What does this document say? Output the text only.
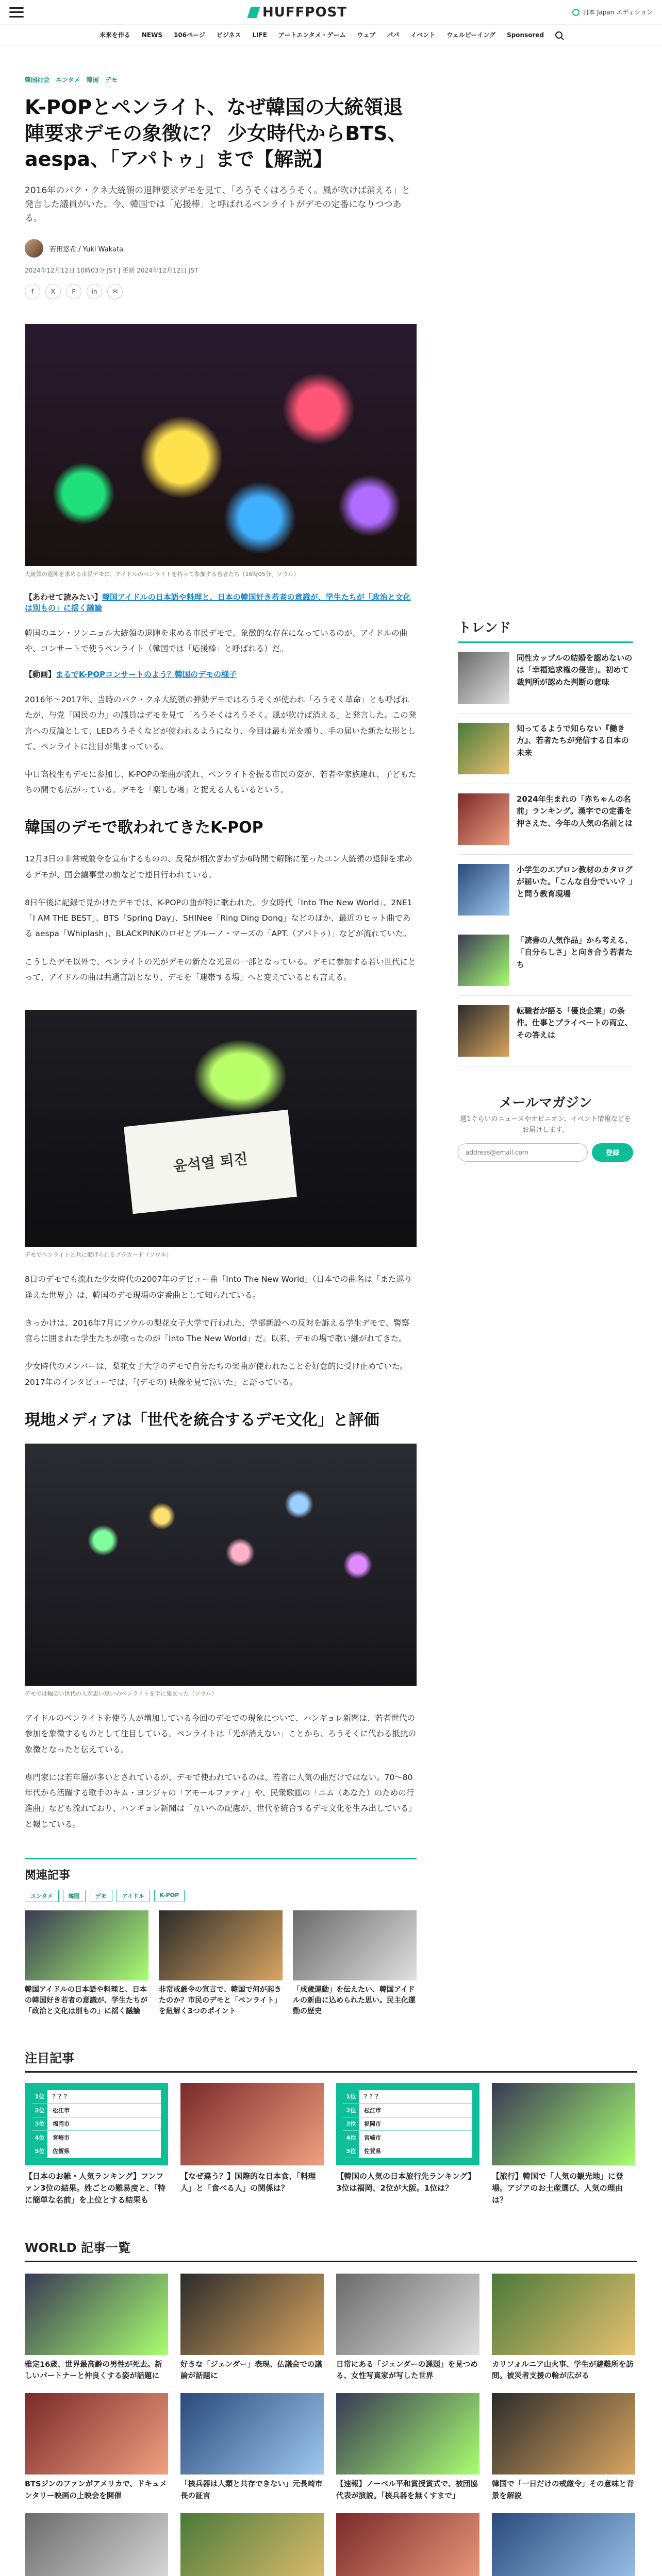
HUFFPOST	日本 Japan エディション
未来を作る NEWS 106ページ ビジネス LIFE アートエンタメ・ゲーム ウェブ パパ イベント ウェルビーイング Sponsored
韓国社会 エンタメ 韓国 デモ
K-POPとペンライト、なぜ韓国の大統領退陣要求デモの象徴に？ 少女時代からBTS、aespa、「アパトゥ」まで【解説】

2016年のパク・クネ大統領の退陣要求デモを見て、「ろうそくはろうそく。風が吹けば消える」と発言した議員がいた。今、韓国では「応援棒」と呼ばれるペンライトがデモの定番になりつつある。

若田悠希 / Yuki Wakata
2024年12月12日 10時03分 JST | 更新 2024年12月12日 JST
f	X	P	in	✉

大統領の退陣を求める市民デモに、アイドルのペンライトを持って参加する若者たち（16時05分、ソウル）

【あわせて読みたい】韓国アイドルの日本語や料理と、日本の韓国好き若者の意識が、学生たちが「政治と文化は別もの」に揺く議論

韓国のユン・ソンニョル大統領の退陣を求める市民デモで、象徴的な存在になっているのが、アイドルの曲や、コンサートで使うペンライト（韓国では「応援棒」と呼ばれる）だ。

【動画】まるでK-POPコンサートのよう？韓国のデモの様子

2016年〜2017年、当時のパク・クネ大統領の弾劾デモではろうそくが使われ「ろうそく革命」とも呼ばれたが、与党「国民の力」の議員はデモを見て「ろうそくはろうそく。風が吹けば消える」と発言した。この発言への反論として、LEDろうそくなどが使われるようになり、今回は最も光を頼り、手の届いた新たな形として、ペンライトに注目が集まっている。

中日高校生もデモに参加し、K-POPの楽曲が流れ、ペンライトを振る市民の姿が、若者や家族連れ、子どもたちの間でも広がっている。デモを「楽しむ場」と捉える人もいるという。

韓国のデモで歌われてきたK-POP

12月3日の非常戒厳令を宣布するものの、反発が相次ぎわずか6時間で解除に至ったユン大統領の退陣を求めるデモが、国会議事堂の前などで連日行われている。

8日午後に記録で見かけたデモでは、K-POPの曲が特に歌われた。少女時代「Into The New World」、2NE1「I AM THE BEST」、BTS「Spring Day」、SHINee「Ring Ding Dong」などのほか、最近のヒット曲である aespa「Whiplash」、BLACKPINKのロゼとブルーノ・マーズの「APT.（アパトゥ）」などが流れていた。

こうしたデモ以外で、ペンライトの光がデモの新たな光景の一部となっている。デモに参加する若い世代にとって、アイドルの曲は共通言語となり、デモを「連帯する場」へと変えているとも言える。

윤석열 퇴진

デモでペンライトと共に掲げられるプラカード（ソウル）

8日のデモでも流れた少女時代の2007年のデビュー曲「Into The New World」（日本での曲名は「また巡り逢えた世界」）は、韓国のデモ現場の定番曲として知られている。

きっかけは、2016年7月にソウルの梨花女子大学で行われた、学部新設への反対を訴える学生デモで、警察官らに囲まれた学生たちが歌ったのが「Into The New World」だ。以来、デモの場で歌い継がれてきた。

少女時代のメンバーは、梨花女子大学のデモで自分たちの楽曲が使われたことを好意的に受け止めていた。2017年のインタビューでは、「(デモの) 映像を見て泣いた」と語っている。

現地メディアは「世代を統合するデモ文化」と評価

デモでは幅広い世代の人が思い思いのペンライトを手に集まった（ソウル）

アイドルのペンライトを使う人が増加している今回のデモでの現象について、ハンギョレ新聞は、若者世代の参加を象徴するものとして注目している。ペンライトは「光が消えない」ことから、ろうそくに代わる抵抗の象徴となったと伝えている。

専門家には若年層が多いとされているが、デモで使われているのは、若者に人気の曲だけではない。70〜80年代から活躍する歌手のキム・ヨンジャの「アモールファティ」や、民衆歌謡の「ニム（あなた）のための行進曲」なども流れており、ハンギョレ新聞は「互いへの配慮が、世代を統合するデモ文化を生み出している」と報じている。

関連記事
エンタメ	韓国	デモ	アイドル	K-POP
韓国アイドルの日本語や料理と、日本の韓国好き若者の意識が、学生たちが「政治と文化は別もの」に揺く議論
非常戒厳令の宣言で、韓国で何が起きたのか？市民のデモと「ペンライト」を紐解く3つのポイント
「成歳運動」を伝えたい、韓国アイドルの新曲に込められた思い。民主化運動の歴史
トレンド
同性カップルの結婚を認めないのは「幸福追求権の侵害」。初めて裁判所が認めた判断の意味
知ってるようで知らない『働き方』、若者たちが発信する日本の未来
2024年生まれの「赤ちゃんの名前」ランキング。漢字での定番を押さえた、今年の人気の名前とは
小学生のエプロン教材のカタログが届いた。「こんな自分でいい？」と問う教育現場
「読書の人気作品」から考える、「自分らしさ」と向き合う若者たち
転職者が語る「優良企業」の条件。仕事とプライベートの両立、その答えは
メールマガジン

週1ぐらいのニュースやオピニオン、イベント情報などをお届けします。

address@email.com
登録
注目記事
1位	？？？
2位	松江市
3位	福岡市
4位	宮崎市
5位	佐賀県
【日本のお雑・人気ランキング】フンファン3位の結果。姓ごとの難易度と、「特に簡単な名前」を上位とする結果も
【なぜ違う？】国際的な日本食、「料理人」と「食べる人」の関係は？
1位	？？？
2位	松江市
3位	福岡市
4位	宮崎市
5位	佐賀県
【韓国の人気の日本旅行先ランキング】 3位は福岡、2位が大阪。1位は？
【旅行】韓国で「人気の観光地」に登場。アジアのお土産選び、人気の理由は？
WORLD 記事一覧
雅定16歳、世界最高齢の男性が死去。新しいパートナーと仲良くする姿が話題に
好きな「ジェンダー」表現、仏議会での議論が話題に
日常にある「ジェンダーの課題」を見つめる、女性写真家が写した世界
カリフォルニア山火事、学生が避難所を訪問。被災者支援の輪が広がる
BTSジンのファンがアメリカで、ドキュメンタリー映画の上映会を開催
「核兵器は人類と共存できない」元長崎市長の証言
【速報】ノーベル平和賞授賞式で、被団協代表が演説。「核兵器を無くすまで」
韓国で「一日だけの戒厳令」その意味と背景を解説
